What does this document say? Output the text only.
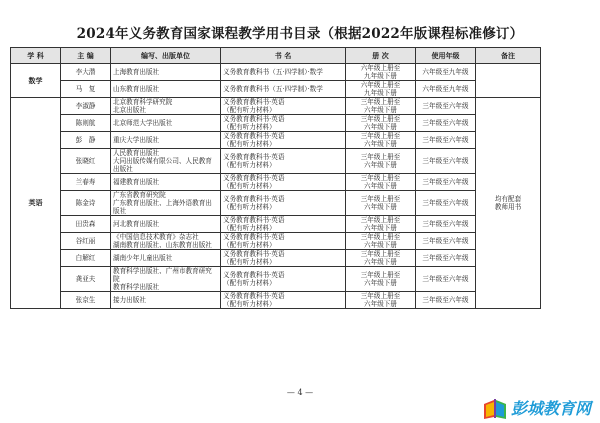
2024年义务教育国家课程教学用书目录（根据2022年版课程标准修订）
学 科	主 编	编写、出版单位	书 名	册 次	使用年级	备注
数学	李大潜	上海教育出版社	义务教育教科书（五·四学制）·数学	六年级上册至
九年级下册	六年级至九年级	
	马　复	山东教育出版社	义务教育教科书（五·四学制）·数学	六年级上册至
九年级下册	六年级至九年级	
英语	李淑静	北京教育科学研究院
北京出版社	义务教育教科书·英语
（配有听力材料）	三年级上册至
六年级下册	三年级至六年级	均有配套
教师用书

	陈则航	北京师范大学出版社	义务教育教科书·英语
（配有听力材料）	三年级上册至
六年级下册	三年级至六年级	
	彭　静	重庆大学出版社	义务教育教科书·英语
（配有听力材料）	三年级上册至
六年级下册	三年级至六年级	
	张晓红	人民教育出版社
大同出版传媒有限公司、人民教育
出版社	义务教育教科书·英语
（配有听力材料）	三年级上册至
六年级下册	三年级至六年级	
	兰春寿	福建教育出版社	义务教育教科书·英语
（配有听力材料）	三年级上册至
六年级下册	三年级至六年级	
	陈金诗	广东省教育研究院
广东教育出版社、上海外语教育出
版社	义务教育教科书·英语
（配有听力材料）	三年级上册至
六年级下册	三年级至六年级	
	田贵森	河北教育出版社	义务教育教科书·英语
（配有听力材料）	三年级上册至
六年级下册	三年级至六年级	
	谷红丽	《中国信息技术教育》杂志社
湖南教育出版社、山东教育出版社	义务教育教科书·英语
（配有听力材料）	三年级上册至
六年级下册	三年级至六年级	
	白解红	湖南少年儿童出版社	义务教育教科书·英语
（配有听力材料）	三年级上册至
六年级下册	三年级至六年级	
	龚亚夫	教育科学出版社、广州市教育研究
院
教育科学出版社	义务教育教科书·英语
（配有听力材料）	三年级上册至
六年级下册	三年级至六年级	
	张京生	接力出版社	义务教育教科书·英语
（配有听力材料）	三年级上册至
六年级下册	三年级至六年级	
— 4 —
彭城教育网
